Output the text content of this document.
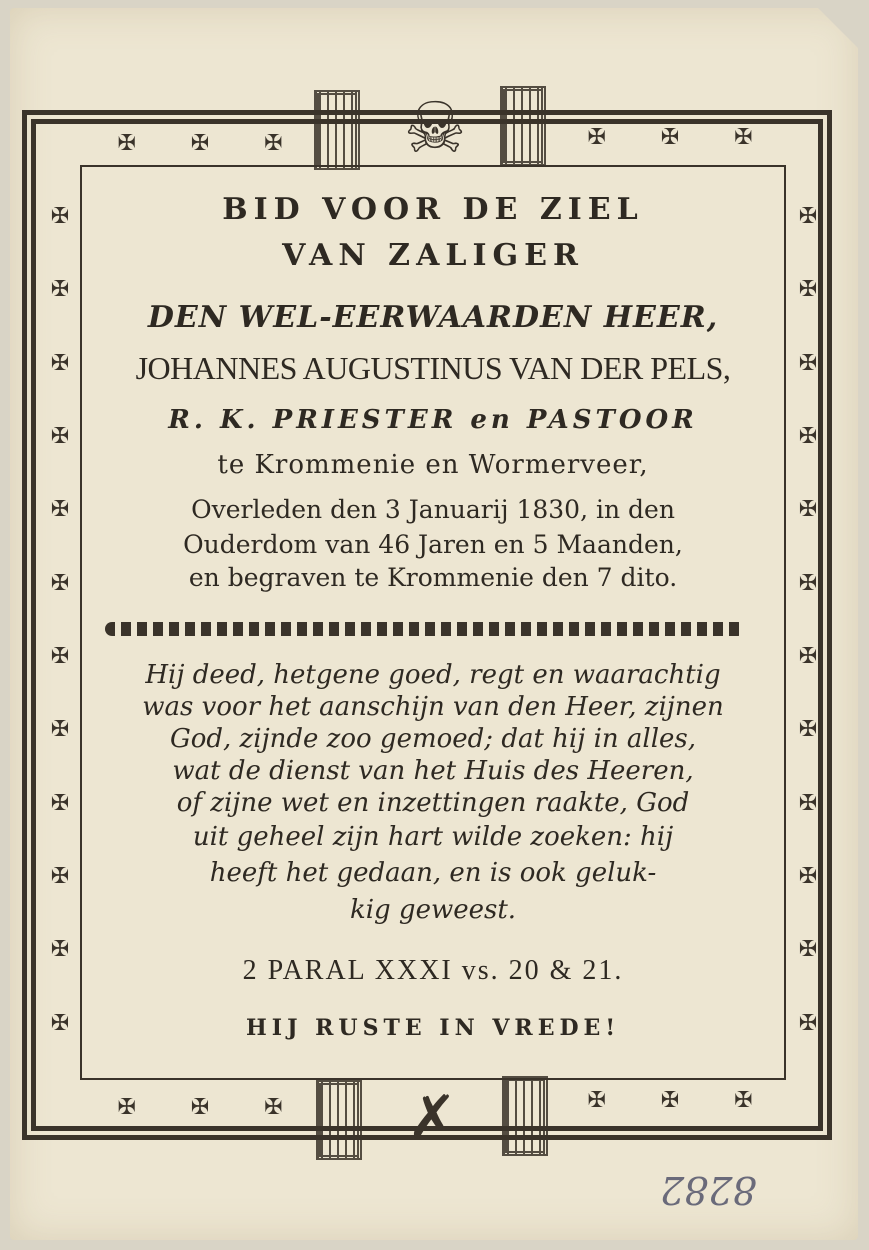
✠
✠
✠
✠
✠
✠
✠
✠
✠
✠
✠
✠
✠
✠
✠
✠
✠
✠
✠
✠
✠
✠
✠
✠
✠ ✠ ✠	✠ ✠ ✠
✠ ✠ ✠	✠ ✠ ✠
☠
✗
BID VOOR DE ZIEL
VAN ZALIGER
DEN WEL-EERWAARDEN HEER,
JOHANNES AUGUSTINUS VAN DER PELS,
R. K. PRIESTER en PASTOOR
te Krommenie en Wormerveer,
Overleden den 3 Januarij 1830, in den
Ouderdom van 46 Jaren en 5 Maanden,
en begraven te Krommenie den 7 dito.
Hij deed, hetgene goed, regt en waarachtig
was voor het aanschijn van den Heer, zijnen
God, zijnde zoo gemoed; dat hij in alles,
wat de dienst van het Huis des Heeren,
of zijne wet en inzettingen raakte, God
uit geheel zijn hart wilde zoeken: hij
heeft het gedaan, en is ook geluk-
kig geweest.
2 PARAL XXXI vs. 20 & 21.
HIJ RUSTE IN VREDE!
8282
